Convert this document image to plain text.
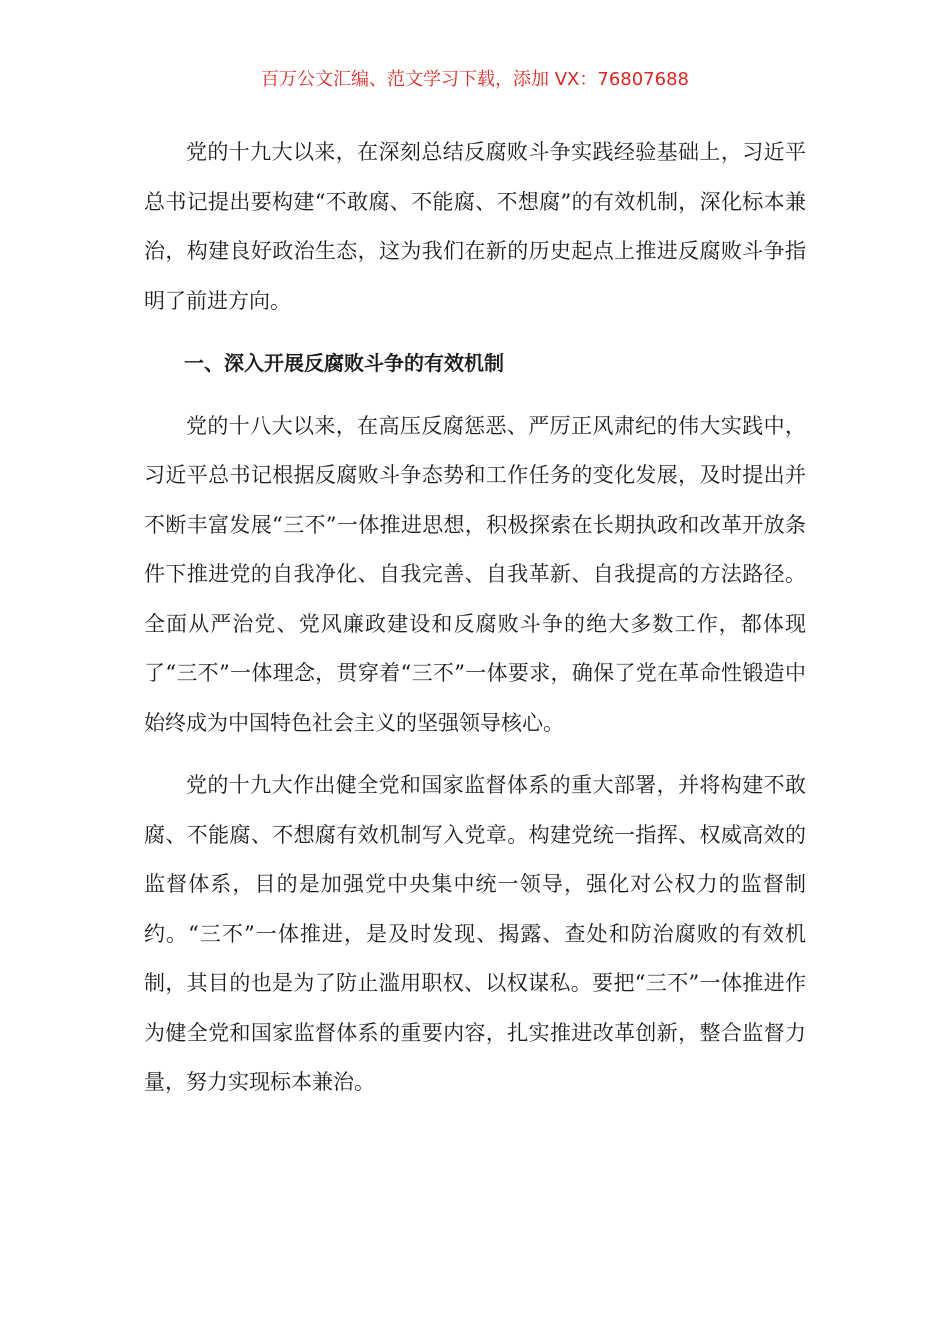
百万公文汇编、范文学习下载，添加 VX：76807688

党的十九大以来，在深刻总结反腐败斗争实践经验基础上，习近平总书记提出要构建“不敢腐、不能腐、不想腐”的有效机制，深化标本兼治，构建良好政治生态，这为我们在新的历史起点上推进反腐败斗争指明了前进方向。

一、深入开展反腐败斗争的有效机制

党的十八大以来，在高压反腐惩恶、严厉正风肃纪的伟大实践中，习近平总书记根据反腐败斗争态势和工作任务的变化发展，及时提出并不断丰富发展“三不”一体推进思想，积极探索在长期执政和改革开放条件下推进党的自我净化、自我完善、自我革新、自我提高的方法路径。全面从严治党、党风廉政建设和反腐败斗争的绝大多数工作，都体现了“三不”一体理念，贯穿着“三不”一体要求，确保了党在革命性锻造中始终成为中国特色社会主义的坚强领导核心。

党的十九大作出健全党和国家监督体系的重大部署，并将构建不敢腐、不能腐、不想腐有效机制写入党章。构建党统一指挥、权威高效的监督体系，目的是加强党中央集中统一领导，强化对公权力的监督制约。“三不”一体推进，是及时发现、揭露、查处和防治腐败的有效机制，其目的也是为了防止滥用职权、以权谋私。要把“三不”一体推进作为健全党和国家监督体系的重要内容，扎实推进改革创新，整合监督力量，努力实现标本兼治。
